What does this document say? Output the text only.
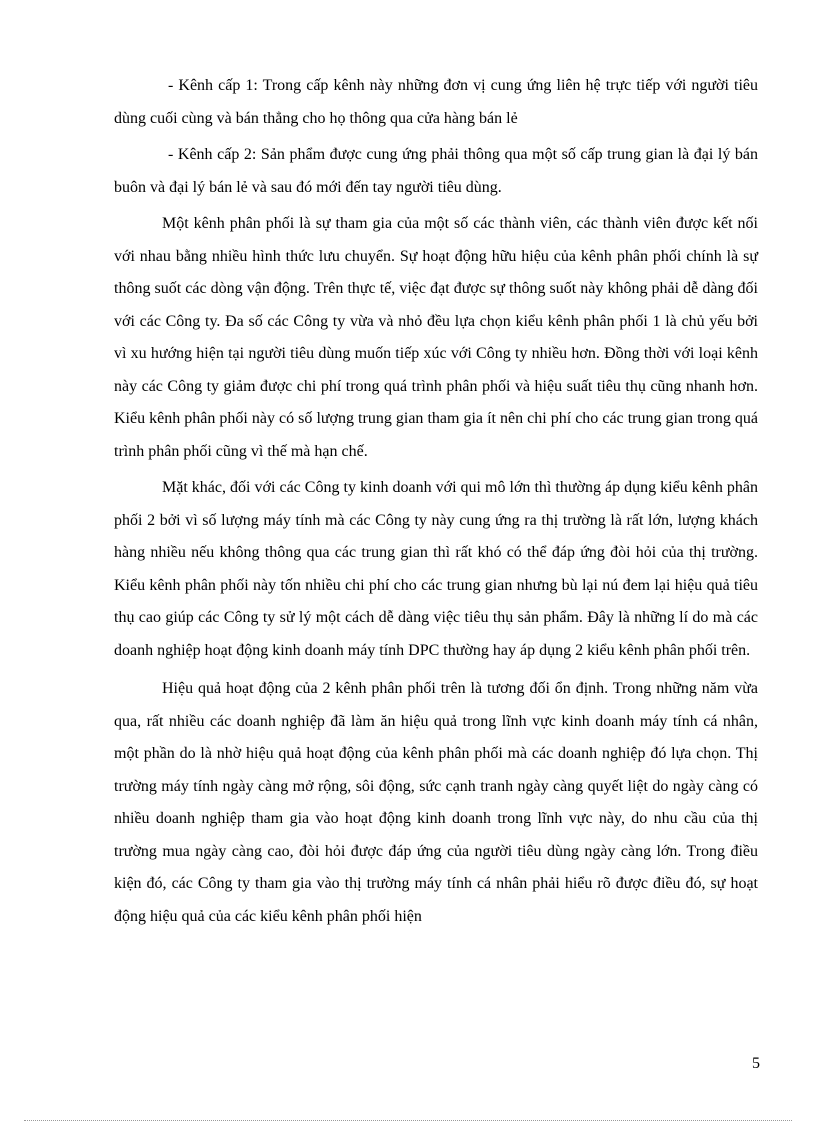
- Kênh cấp 1: Trong cấp kênh này những đơn vị cung ứng liên hệ trực tiếp với người tiêu dùng cuối cùng và bán thẳng cho họ thông qua cửa hàng bán lẻ

- Kênh cấp 2: Sản phẩm được cung ứng phải thông qua một số cấp trung gian là đại lý bán buôn và đại lý bán lẻ và sau đó mới đến tay người tiêu dùng.

Một kênh phân phối là sự tham gia của một số các thành viên, các thành viên được kết nối với nhau bằng nhiều hình thức lưu chuyển. Sự hoạt động hữu hiệu của kênh phân phối chính là sự thông suốt các dòng vận động. Trên thực tế, việc đạt được sự thông suốt này không phải dễ dàng đối với các Công ty. Đa số các Công ty vừa và nhỏ đều lựa chọn kiểu kênh phân phối 1 là chủ yếu bởi vì xu hướng hiện tại người tiêu dùng muốn tiếp xúc với Công ty nhiều hơn. Đồng thời với loại kênh này các Công ty giảm được chi phí trong quá trình phân phối và hiệu suất tiêu thụ cũng nhanh hơn. Kiểu kênh phân phối này có số lượng trung gian tham gia ít nên chi phí cho các trung gian trong quá trình phân phối cũng vì thế mà hạn chế.

Mặt khác, đối với các Công ty kinh doanh với qui mô lớn thì thường áp dụng kiểu kênh phân phối 2 bởi vì số lượng máy tính mà các Công ty này cung ứng ra thị trường là rất lớn, lượng khách hàng nhiều nếu không thông qua các trung gian thì rất khó có thể đáp ứng đòi hỏi của thị trường. Kiểu kênh phân phối này tốn nhiều chi phí cho các trung gian nhưng bù lại nú đem lại hiệu quả tiêu thụ cao giúp các Công ty sử lý một cách dễ dàng việc tiêu thụ sản phẩm. Đây là những lí do mà các doanh nghiệp hoạt động kinh doanh máy tính DPC thường hay áp dụng 2 kiểu kênh phân phối trên.

Hiệu quả hoạt động của 2 kênh phân phối trên là tương đối ổn định. Trong những năm vừa qua, rất nhiều các doanh nghiệp đã làm ăn hiệu quả trong lĩnh vực kinh doanh máy tính cá nhân, một phần do là nhờ hiệu quả hoạt động của kênh phân phối mà các doanh nghiệp đó lựa chọn. Thị trường máy tính ngày càng mở rộng, sôi động, sức cạnh tranh ngày càng quyết liệt do ngày càng có nhiều doanh nghiệp tham gia vào hoạt động kinh doanh trong lĩnh vực này, do nhu cầu của thị trường mua ngày càng cao, đòi hỏi được đáp ứng của người tiêu dùng ngày càng lớn. Trong điều kiện đó, các Công ty tham gia vào thị trường máy tính cá nhân phải hiểu rõ được điều đó, sự hoạt động hiệu quả của các kiểu kênh phân phối hiện

5
